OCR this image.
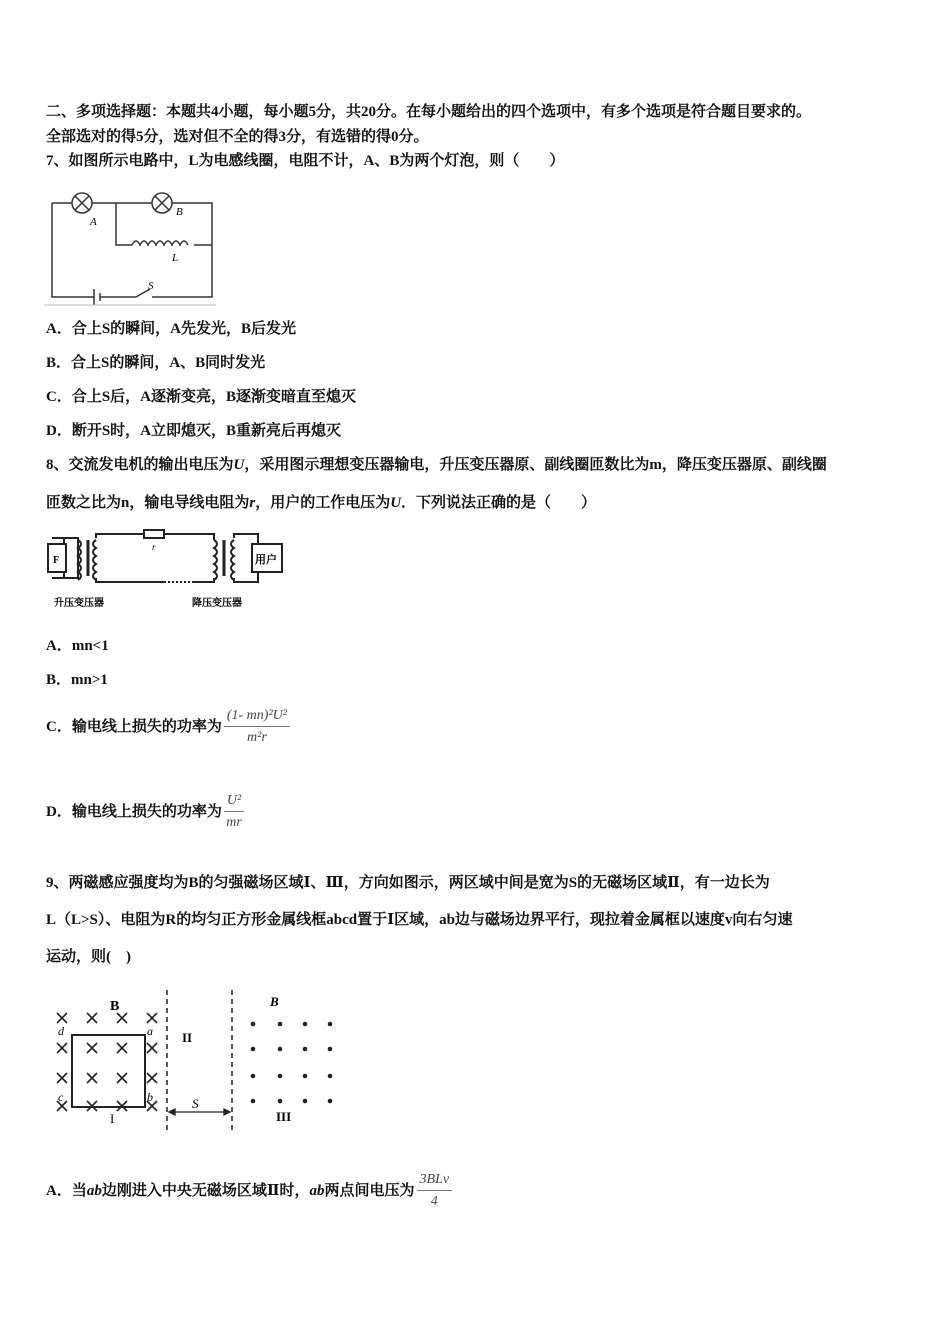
二、多项选择题：本题共4小题，每小题5分，共20分。在每小题给出的四个选项中，有多个选项是符合题目要求的。
全部选对的得5分，选对但不全的得3分，有选错的得0分。
7、如图所示电路中，L为电感线圈，电阻不计，A、B为两个灯泡，则（　　）
A
B
L
S
A．合上S的瞬间，A先发光，B后发光
B．合上S的瞬间，A、B同时发光
C．合上S后，A逐渐变亮，B逐渐变暗直至熄灭
D．断开S时，A立即熄灭，B重新亮后再熄灭
8、交流发电机的输出电压为U，采用图示理想变压器输电，升压变压器原、副线圈匝数比为m，降压变压器原、副线圈
匝数之比为n，输电导线电阻为r，用户的工作电压为U．下列说法正确的是（　　）
F
r
用户
升压变压器	降压变压器
A．mn<1
B．mn>1
C．输电线上损失的功率为 $\frac{\text{(1- mn)²U²}}{\text{m²r}}$
D．输电线上损失的功率为 $\frac{\text{U²}}{mr}$
9、两磁感应强度均为B的匀强磁场区域Ⅰ、Ⅲ，方向如图示，两区域中间是宽为S的无磁场区域Ⅱ，有一边长为
L（L>S）、电阻为R的均匀正方形金属线框abcd置于Ⅰ区域，ab边与磁场边界平行，现拉着金属框以速度v向右匀速
运动，则(　)
B	B
I
II
III
S
a
b
c
d
A．当ab边刚进入中央无磁场区域Ⅱ时，ab两点间电压为 $\frac{\text{3BLv}}{4}$
